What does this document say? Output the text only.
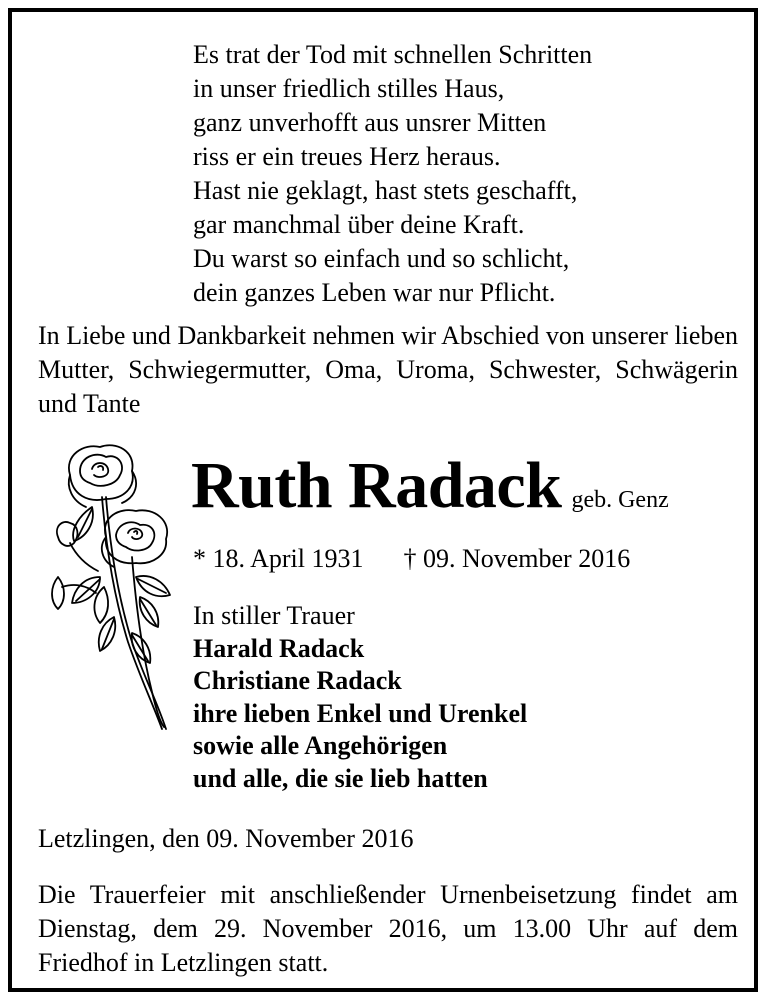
Es trat der Tod mit schnellen Schritten
in unser friedlich stilles Haus,
ganz unverhofft aus unsrer Mitten
riss er ein treues Herz heraus.
Hast nie geklagt, hast stets geschafft,
gar manchmal über deine Kraft.
Du warst so einfach und so schlicht,
dein ganzes Leben war nur Pflicht.
In Liebe und Dankbarkeit nehmen wir Abschied von unserer lieben Mutter, Schwiegermutter, Oma, Uroma, Schwester, Schwägerin und Tante
Ruth Radack geb. Genz
* 18. April 1931 † 09. November 2016
In stiller Trauer
Harald Radack
Christiane Radack
ihre lieben Enkel und Urenkel
sowie alle Angehörigen
und alle, die sie lieb hatten
Letzlingen, den 09. November 2016
Die Trauerfeier mit anschließender Urnenbeisetzung findet am Dienstag, dem 29. November 2016, um 13.00 Uhr auf dem Friedhof in Letzlingen statt.
